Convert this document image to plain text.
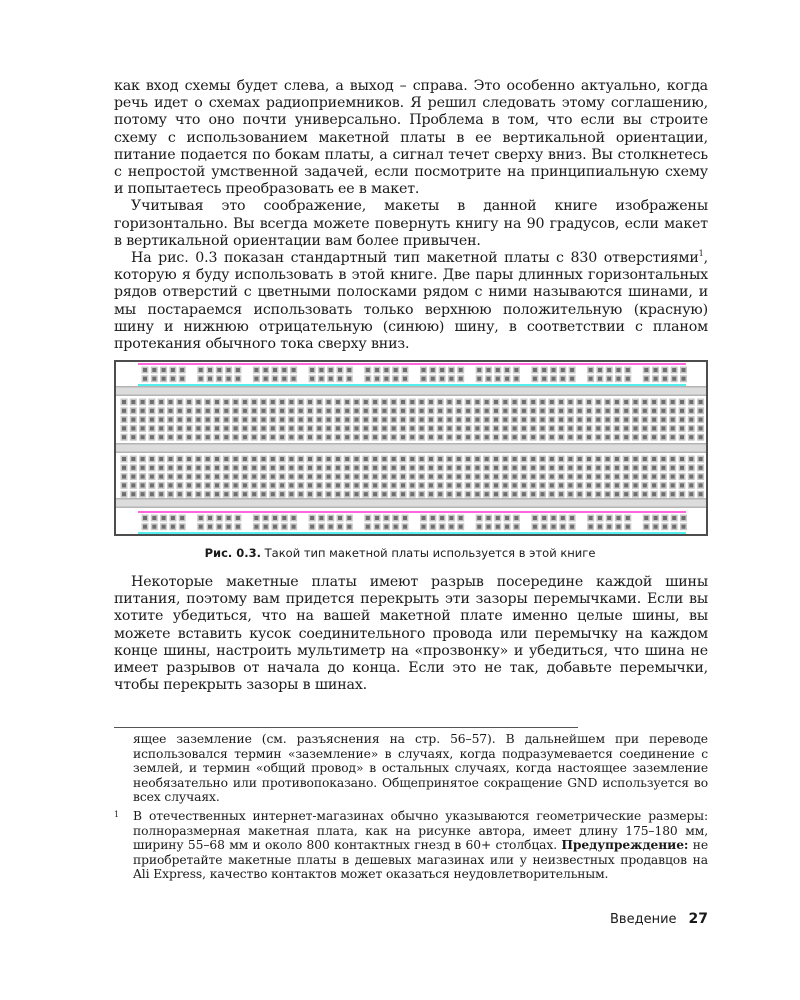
как вход схемы будет слева, а выход – справа. Это особенно актуально, когда речь идет о схемах радиоприемников. Я решил следовать этому соглашению, потому что оно почти универсально. Проблема в том, что если вы строите схему с использованием макетной платы в ее вертикальной ориентации, питание подается по бокам платы, а сигнал течет сверху вниз. Вы столкнетесь с непростой умственной задачей, если посмотрите на принципиальную схему и попытаетесь преобразовать ее в макет.

Учитывая это соображение, макеты в данной книге изображены горизонтально. Вы всегда можете повернуть книгу на 90 градусов, если макет в вертикальной ориентации вам более привычен.

На рис. 0.3 показан стандартный тип макетной платы с 830 отверстиями$^1$, которую я буду использовать в этой книге. Две пары длинных горизонтальных рядов отверстий с цветными полосками рядом с ними называются шинами, и мы постараемся использовать только верхнюю положительную (красную) шину и нижнюю отрицательную (синюю) шину, в соответствии с планом протекания обычного тока сверху вниз.

Рис. 0.3. Такой тип макетной платы используется в этой книге

Некоторые макетные платы имеют разрыв посередине каждой шины питания, поэтому вам придется перекрыть эти зазоры перемычками. Если вы хотите убедиться, что на вашей макетной плате именно целые шины, вы можете вставить кусок соединительного провода или перемычку на каждом конце шины, настроить мультиметр на «прозвонку» и убедиться, что шина не имеет разрывов от начала до конца. Если это не так, добавьте перемычки, чтобы перекрыть зазоры в шинах.

ящее заземление (см. разъяснения на стр. 56–57). В дальнейшем при переводе использовался термин «заземление» в случаях, когда подразумевается соединение с землей, и термин «общий провод» в остальных случаях, когда настоящее заземление необязательно или противопоказано. Общепринятое сокращение GND используется во всех случаях.

1 В отечественных интернет-магазинах обычно указываются геометрические размеры: полноразмерная макетная плата, как на рисунке автора, имеет длину 175–180 мм, ширину 55–68 мм и около 800 контактных гнезд в 60+ столбцах. Предупреждение: не приобретайте макетные платы в дешевых магазинах или у неизвестных продавцов на Ali Express, качество контактов может оказаться неудовлетворительным.

Введение 27
